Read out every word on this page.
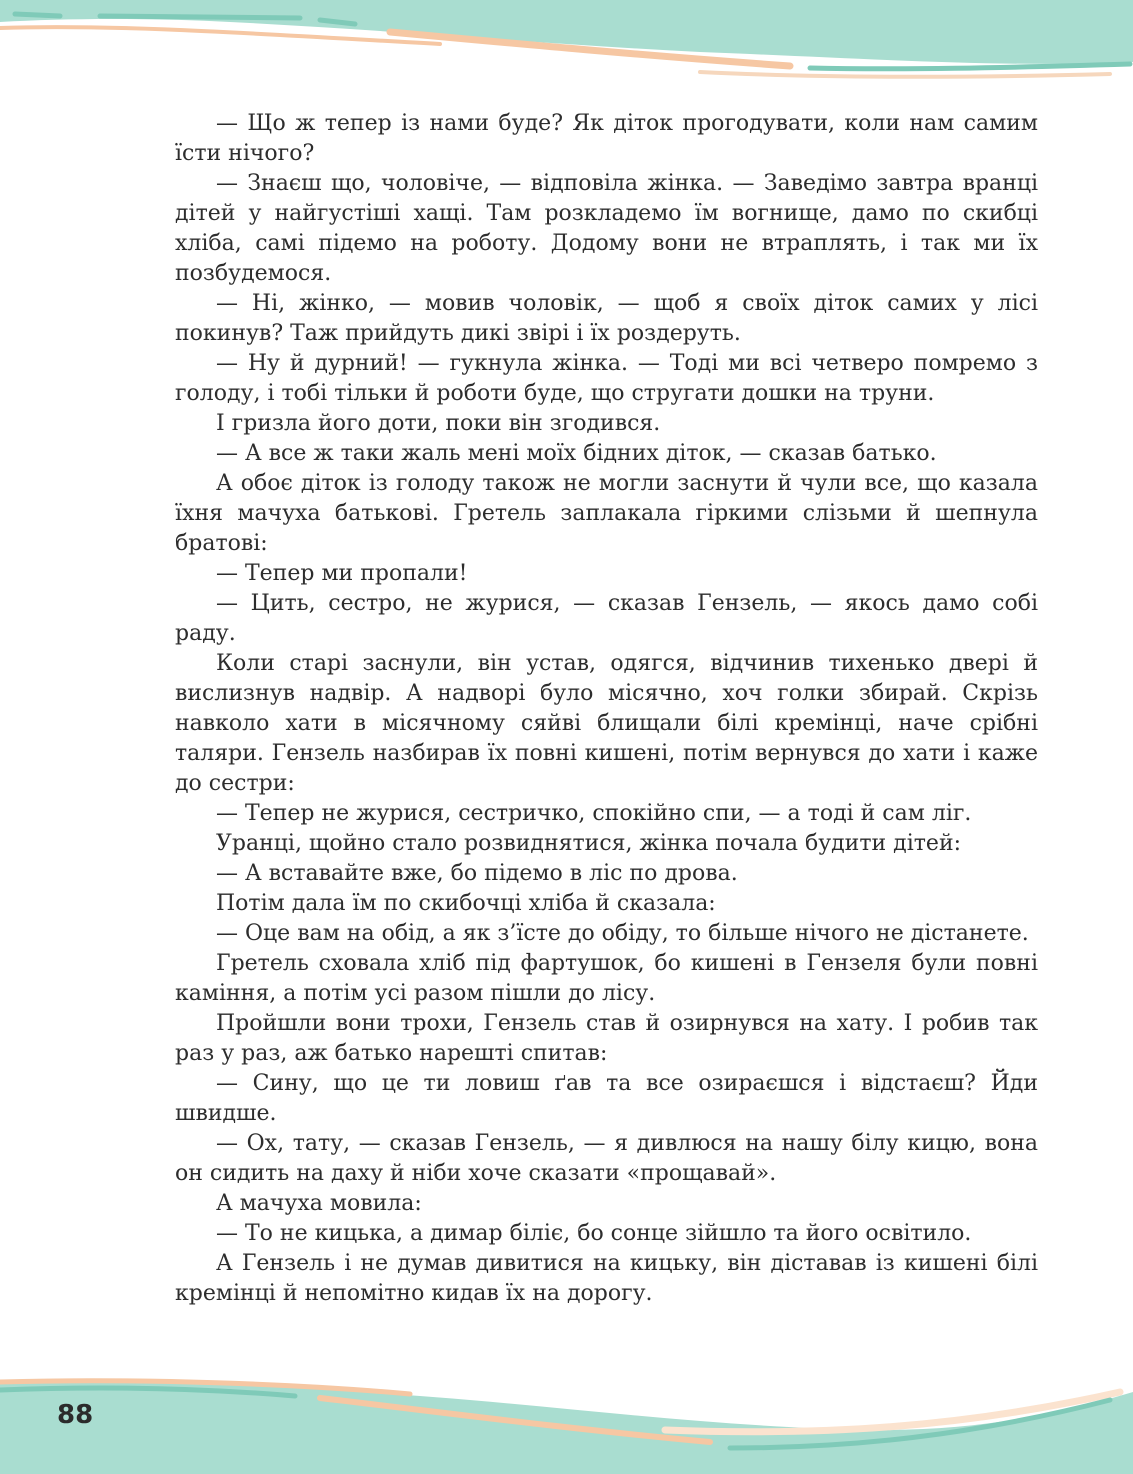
— Що ж тепер із нами буде? Як діток прогодувати, коли нам самим їсти нічого?

— Знаєш що, чоловіче, — відповіла жінка. — Заведімо завтра вранці дітей у найгустіші хащі. Там розкладемо їм вогнище, дамо по скибці хліба, самі підемо на роботу. Додому вони не втраплять, і так ми їх позбудемося.

— Ні, жінко, — мовив чоловік, — щоб я своїх діток самих у лісі покинув? Таж прийдуть дикі звірі і їх роздеруть.

— Ну й дурний! — гукнула жінка. — Тоді ми всі четверо помремо з голоду, і тобі тільки й роботи буде, що стругати дошки на труни.

І гризла його доти, поки він згодився.

— А все ж таки жаль мені моїх бідних діток, — сказав батько.

А обоє діток із голоду також не могли заснути й чули все, що казала їхня мачуха батькові. Гретель заплакала гіркими слізьми й шепнула братові:

— Тепер ми пропали!

— Цить, сестро, не журися, — сказав Гензель, — якось дамо собі раду.

Коли старі заснули, він устав, одягся, відчинив тихенько двері й вислизнув надвір. А надворі було місячно, хоч голки збирай. Скрізь навколо хати в місячному сяйві блищали білі кремінці, наче срібні таляри. Гензель назбирав їх повні кишені, потім вернувся до хати і каже до сестри:

— Тепер не журися, сестричко, спокійно спи, — а тоді й сам ліг.

Уранці, щойно стало розвиднятися, жінка почала будити дітей:

— А вставайте вже, бо підемо в ліс по дрова.

Потім дала їм по скибочці хліба й сказала:

— Оце вам на обід, а як з’їсте до обіду, то більше нічого не дістанете.

Гретель сховала хліб під фартушок, бо кишені в Гензеля були повні каміння, а потім усі разом пішли до лісу.

Пройшли вони трохи, Гензель став й озирнувся на хату. І робив так раз у раз, аж батько нарешті спитав:

— Сину, що це ти ловиш ґав та все озираєшся і відстаєш? Йди швидше.

— Ох, тату, — сказав Гензель, — я дивлюся на нашу білу кицю, вона он сидить на даху й ніби хоче сказати «прощавай».

А мачуха мовила:

— То не кицька, а димар біліє, бо сонце зійшло та його освітило.

А Гензель і не думав дивитися на кицьку, він діставав із кишені білі кремінці й непомітно кидав їх на дорогу.

88
